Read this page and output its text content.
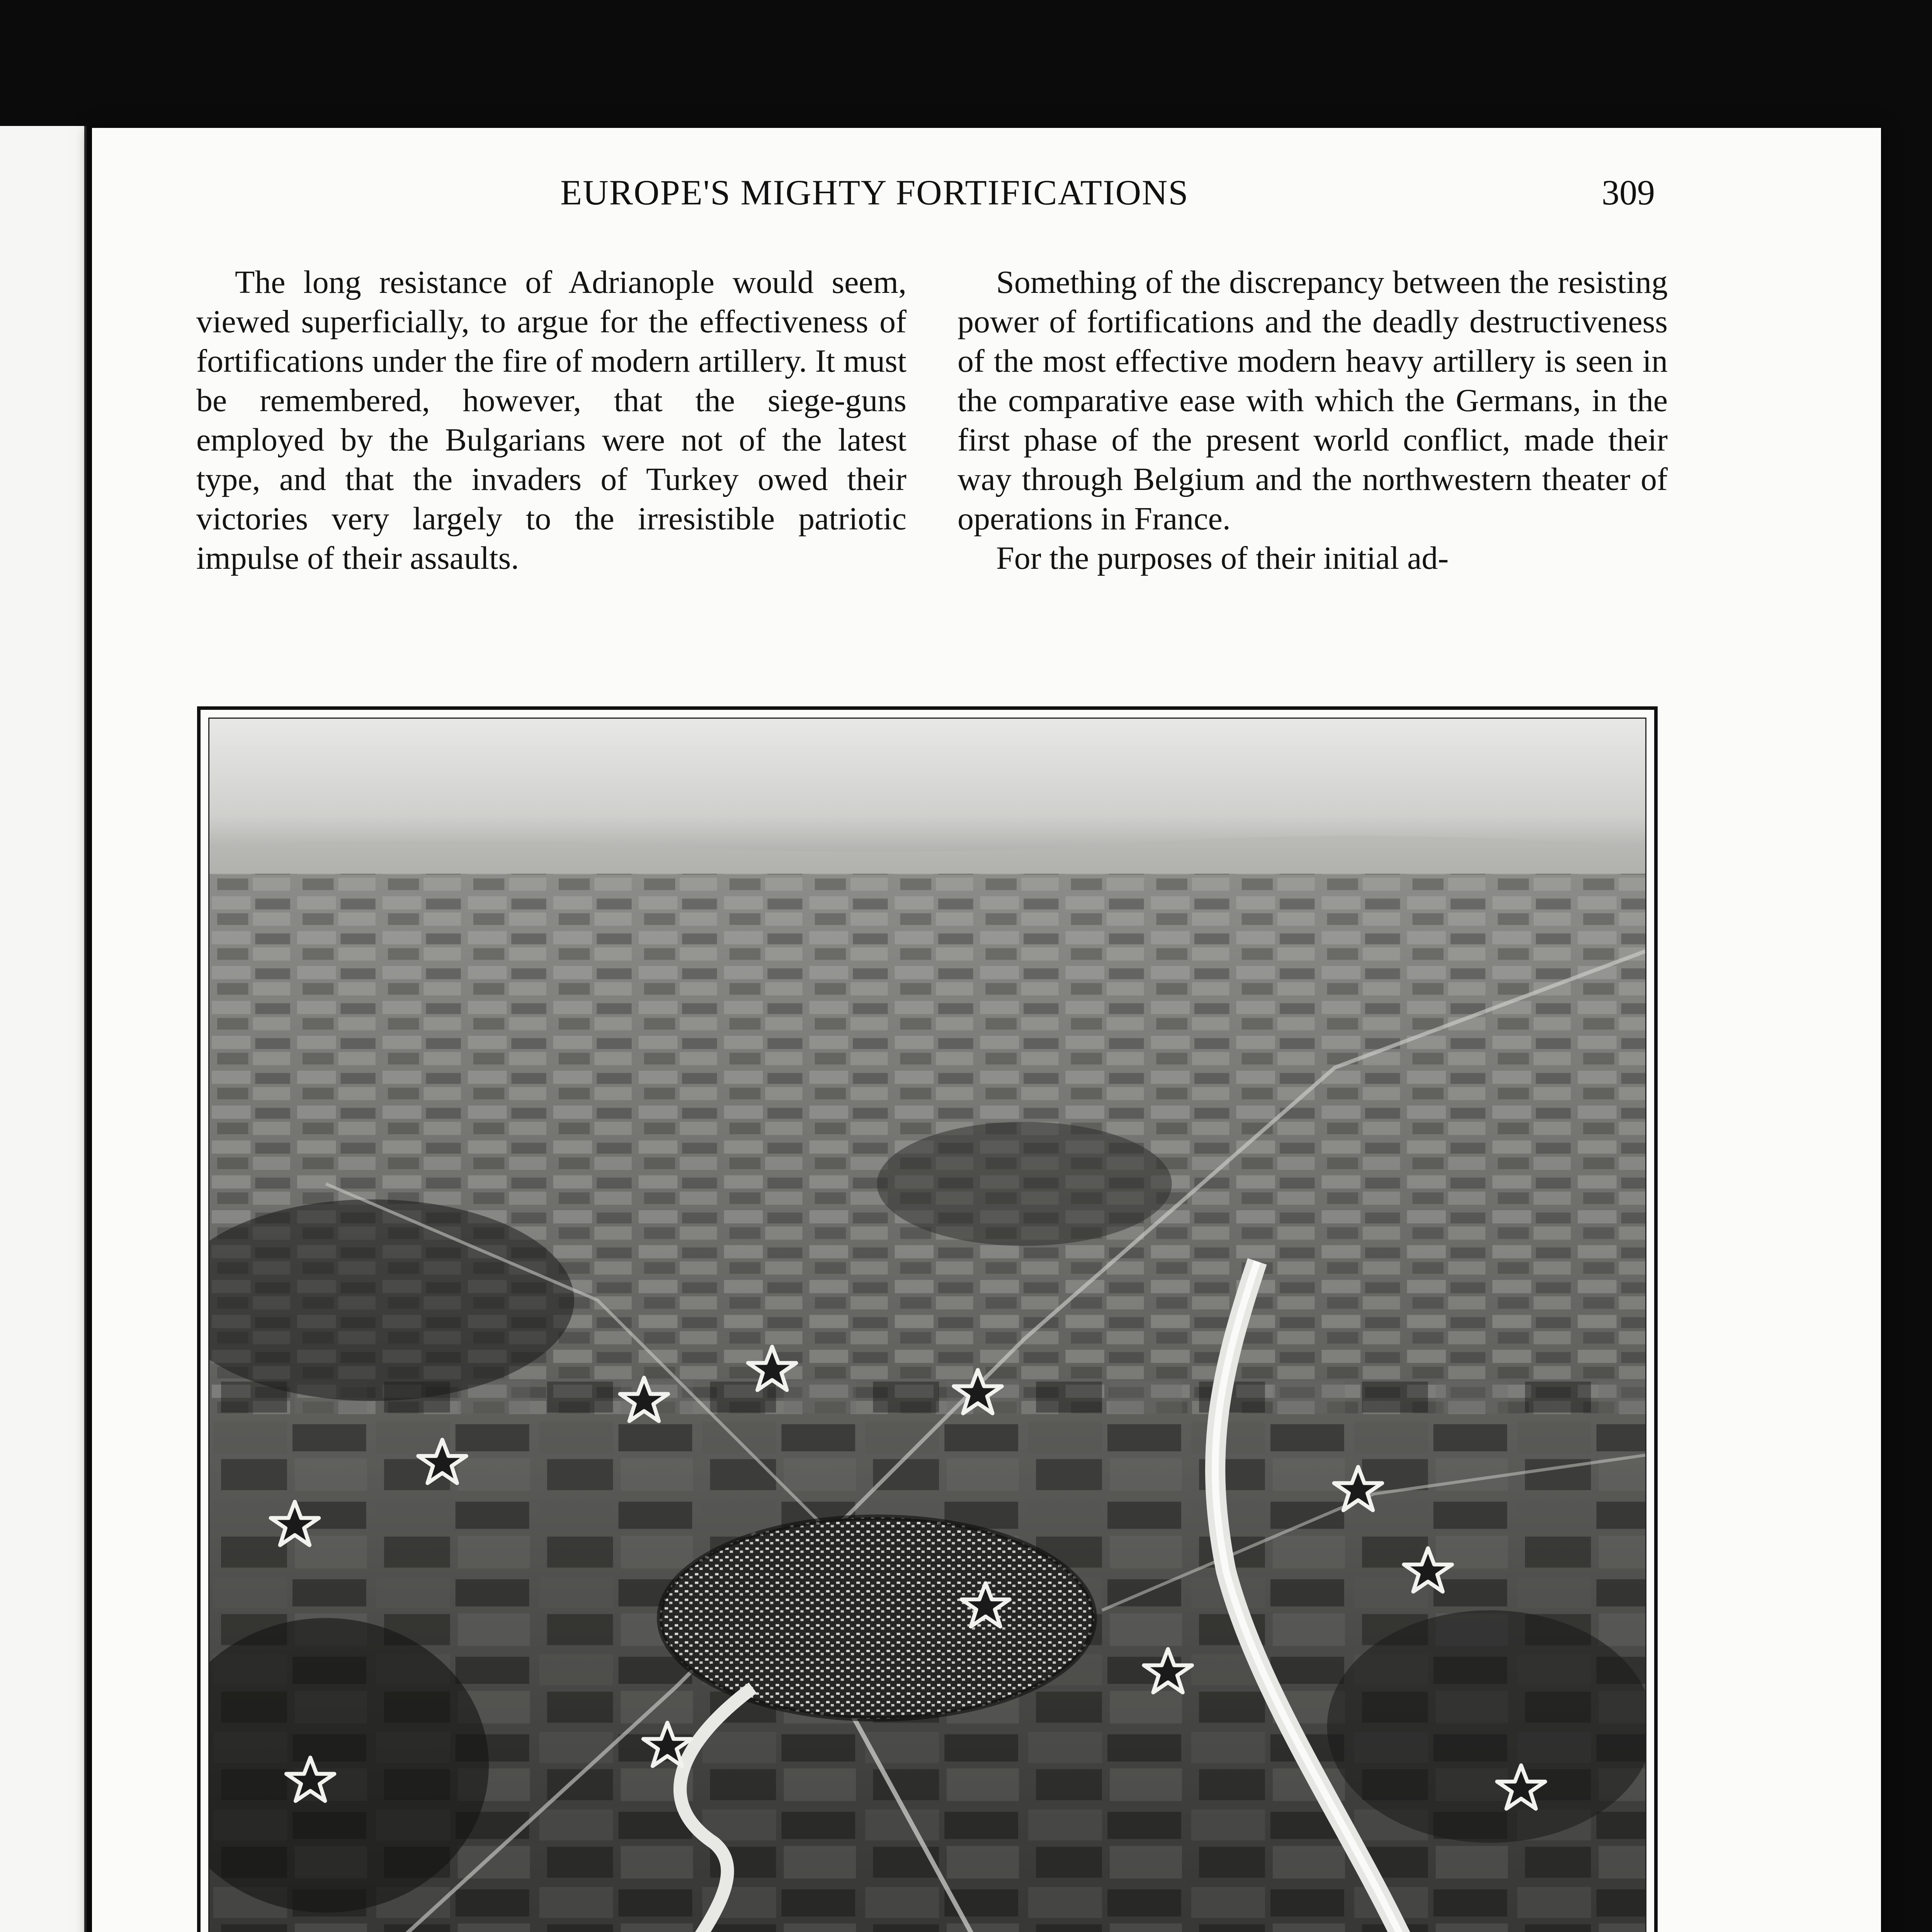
EUROPE'S MIGHTY FORTIFICATIONS	309

The long resistance of Adrianople would seem, viewed superficially, to argue for the effectiveness of fortifications under the fire of modern artillery. It must be remembered, however, that the siege-guns employed by the Bulgarians were not of the latest type, and that the invaders of Turkey owed their victories very largely to the irresistible patriotic impulse of their assaults.

Something of the discrepancy between the resisting power of fortifications and the deadly destructiveness of the most effective modern heavy artillery is seen in the comparative ease with which the Germans, in the first phase of the present world conflict, made their way through Belgium and the northwestern theater of operations in France.

For the purposes of their initial ad-
